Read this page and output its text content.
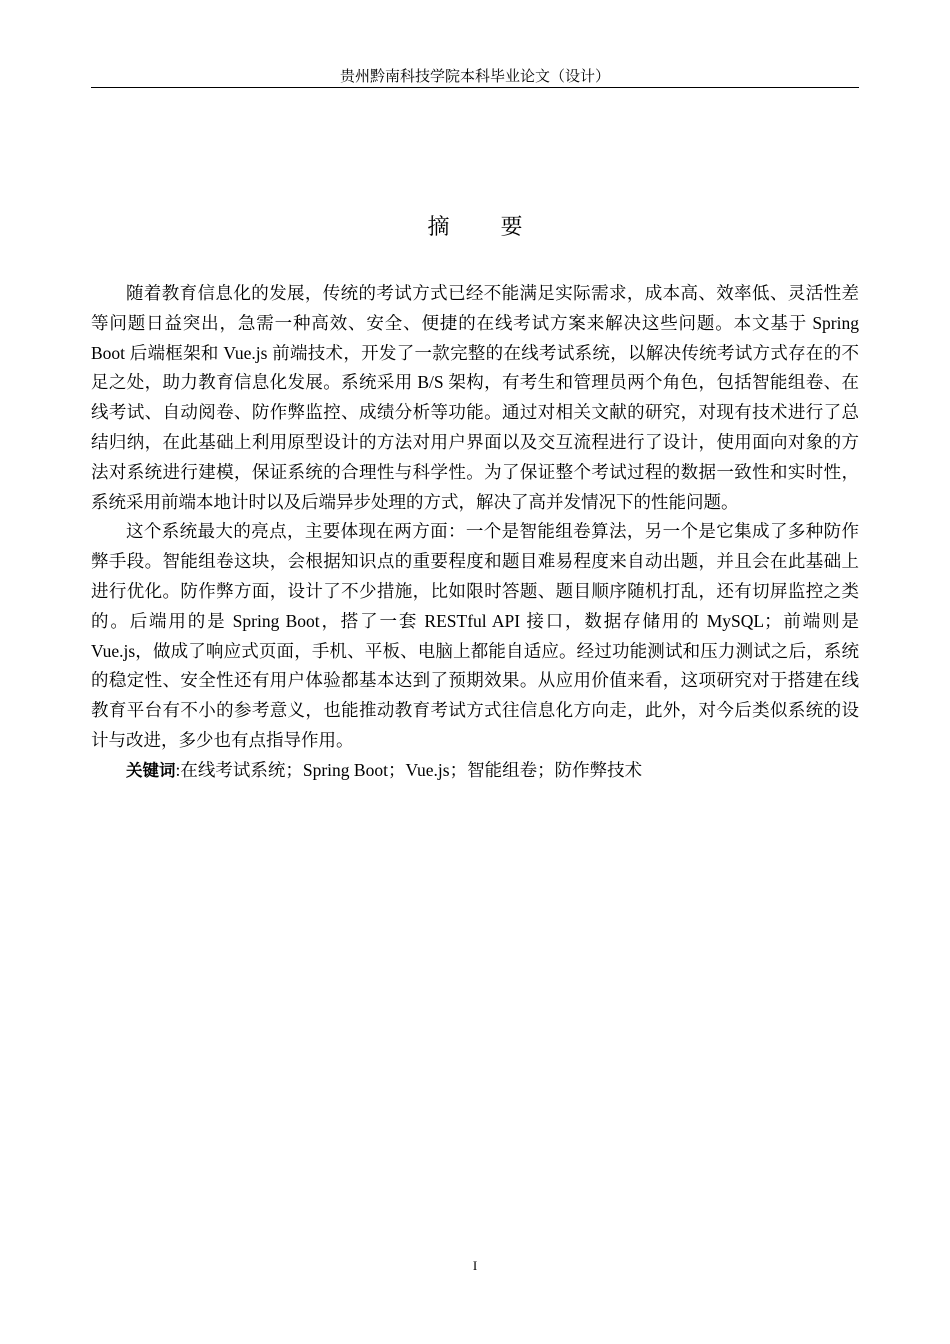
贵州黔南科技学院本科毕业论文（设计）
摘 要

随着教育信息化的发展，传统的考试方式已经不能满足实际需求，成本高、效率低、灵活性差等问题日益突出，急需一种高效、安全、便捷的在线考试方案来解决这些问题。本文基于 Spring Boot 后端框架和 Vue.js 前端技术，开发了一款完整的在线考试系统，以解决传统考试方式存在的不足之处，助力教育信息化发展。系统采用 B/S 架构，有考生和管理员两个角色，包括智能组卷、在线考试、自动阅卷、防作弊监控、成绩分析等功能。通过对相关文献的研究，对现有技术进行了总结归纳，在此基础上利用原型设计的方法对用户界面以及交互流程进行了设计，使用面向对象的方法对系统进行建模，保证系统的合理性与科学性。为了保证整个考试过程的数据一致性和实时性，系统采用前端本地计时以及后端异步处理的方式，解决了高并发情况下的性能问题。

这个系统最大的亮点，主要体现在两方面：一个是智能组卷算法，另一个是它集成了多种防作弊手段。智能组卷这块，会根据知识点的重要程度和题目难易程度来自动出题，并且会在此基础上进行优化。防作弊方面，设计了不少措施，比如限时答题、题目顺序随机打乱，还有切屏监控之类的。后端用的是 Spring Boot，搭了一套 RESTful API 接口，数据存储用的 MySQL；前端则是 Vue.js，做成了响应式页面，手机、平板、电脑上都能自适应。经过功能测试和压力测试之后，系统的稳定性、安全性还有用户体验都基本达到了预期效果。从应用价值来看，这项研究对于搭建在线教育平台有不小的参考意义，也能推动教育考试方式往信息化方向走，此外，对今后类似系统的设计与改进，多少也有点指导作用。

关键词:在线考试系统；Spring Boot；Vue.js；智能组卷；防作弊技术

I
